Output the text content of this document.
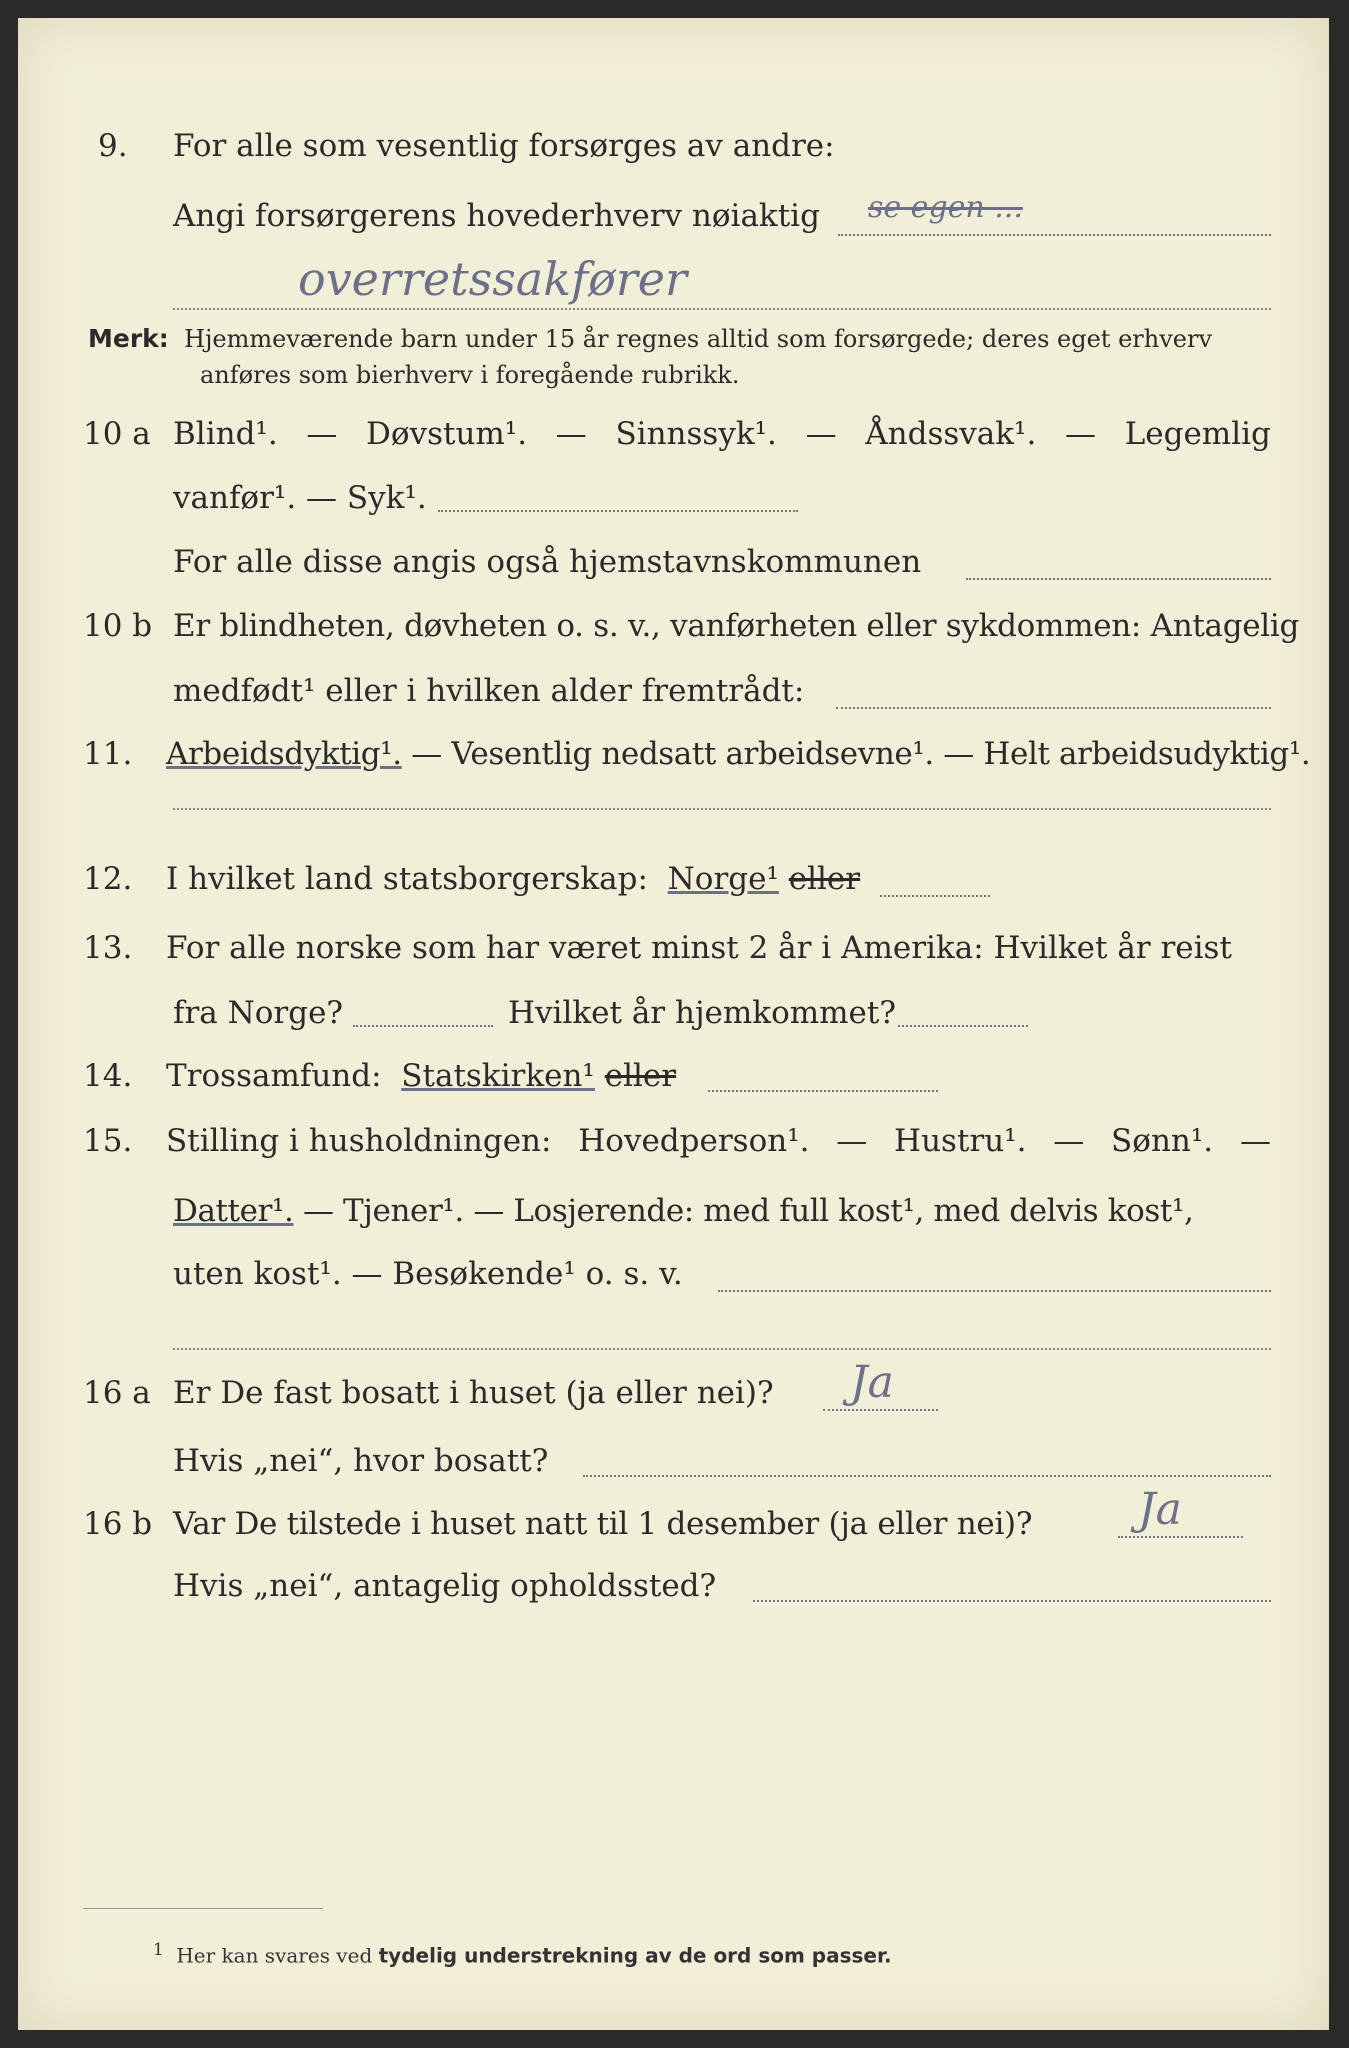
9. For alle som vesentlig forsørges av andre:
Angi forsørgerens hovederhverv nøiaktig se egen ...
overretssakfører
Merk: Hjemmeværende barn under 15 år regnes alltid som forsørgede; deres eget erhverv
anføres som bierhverv i foregående rubrikk.
10 a Blind¹. — Døvstum¹. — Sinnssyk¹. — Åndssvak¹. — Legemlig
vanfør¹. — Syk¹.
For alle disse angis også hjemstavnskommunen
10 b Er blindheten, døvheten o. s. v., vanførheten eller sykdommen: Antagelig
medfødt¹ eller i hvilken alder fremtrådt:
11. Arbeidsdyktig¹. — Vesentlig nedsatt arbeidsevne¹. — Helt arbeidsudyktig¹.
12. I hvilket land statsborgerskap: Norge¹ eller
13. For alle norske som har været minst 2 år i Amerika: Hvilket år reist
fra Norge?	Hvilket år hjemkommet?
14. Trossamfund: Statskirken¹ eller
15. Stilling i husholdningen: Hovedperson¹. — Hustru¹. — Sønn¹. —
Datter¹. — Tjener¹. — Losjerende: med full kost¹, med delvis kost¹,
uten kost¹. — Besøkende¹ o. s. v.
16 a Er De fast bosatt i huset (ja eller nei)? Ja
Hvis „nei“, hvor bosatt?
16 b Var De tilstede i huset natt til 1 desember (ja eller nei)? Ja
Hvis „nei“, antagelig opholdssted?
$^1$ Her kan svares ved tydelig understrekning av de ord som passer.
